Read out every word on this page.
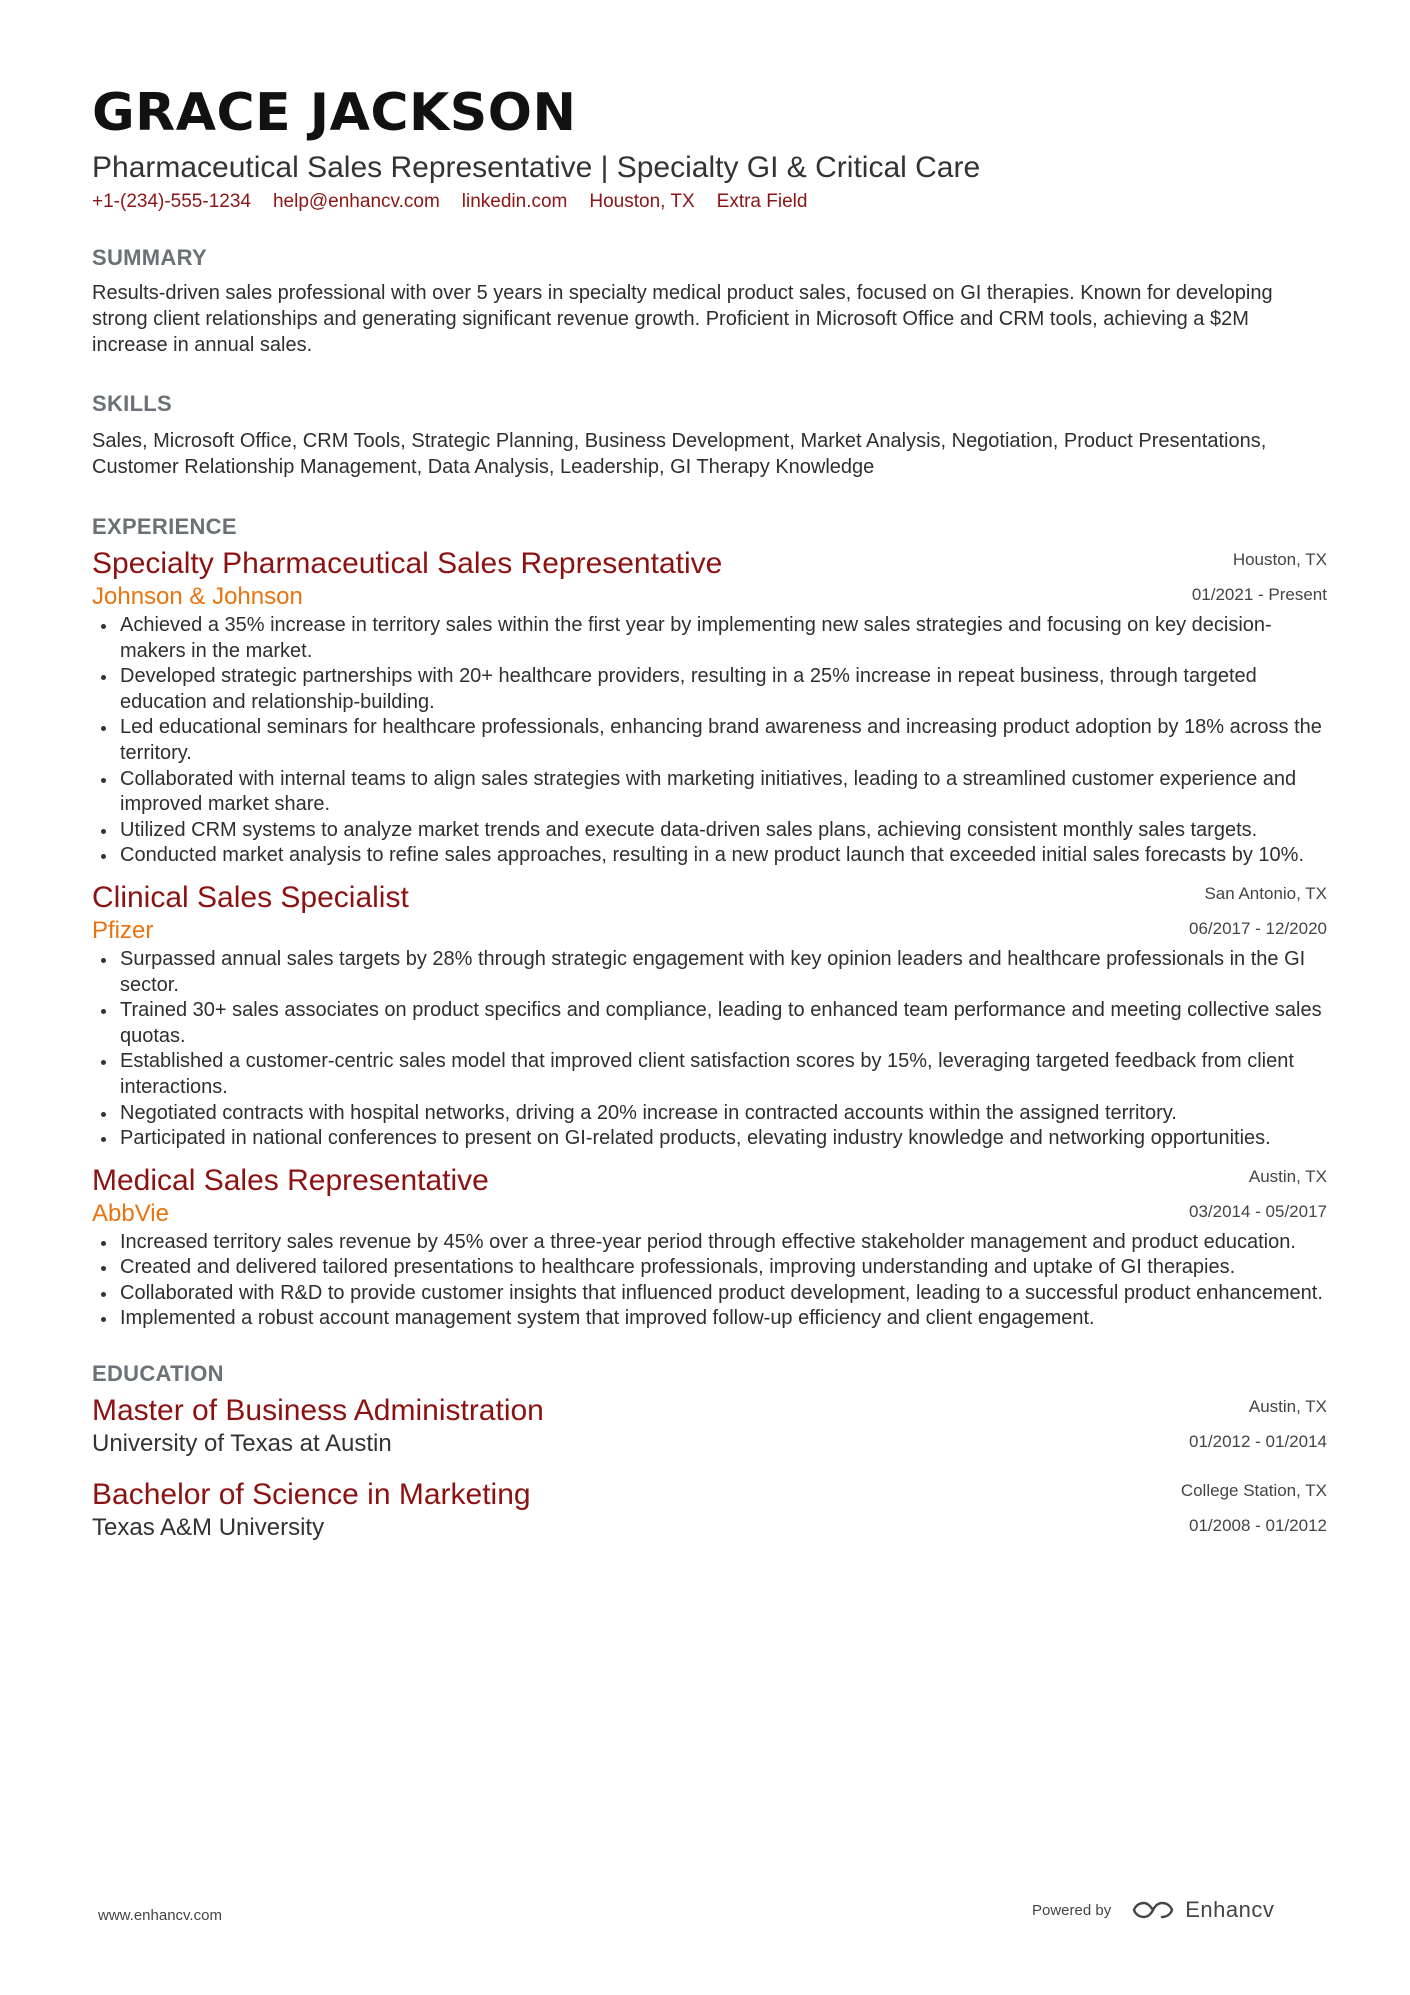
GRACE JACKSON
Pharmaceutical Sales Representative | Specialty GI & Critical Care
+1-(234)-555-1234 help@enhancv.com linkedin.com Houston, TX Extra Field
SUMMARY
Results-driven sales professional with over 5 years in specialty medical product sales, focused on GI therapies. Known for developing strong client relationships and generating significant revenue growth. Proficient in Microsoft Office and CRM tools, achieving a $2M increase in annual sales.
SKILLS
Sales, Microsoft Office, CRM Tools, Strategic Planning, Business Development, Market Analysis, Negotiation, Product Presentations, Customer Relationship Management, Data Analysis, Leadership, GI Therapy Knowledge
EXPERIENCE
Specialty Pharmaceutical Sales Representative
Johnson & Johnson
Houston, TX
01/2021 - Present
Achieved a 35% increase in territory sales within the first year by implementing new sales strategies and focusing on key decision-makers in the market.
Developed strategic partnerships with 20+ healthcare providers, resulting in a 25% increase in repeat business, through targeted education and relationship-building.
Led educational seminars for healthcare professionals, enhancing brand awareness and increasing product adoption by 18% across the territory.
Collaborated with internal teams to align sales strategies with marketing initiatives, leading to a streamlined customer experience and improved market share.
Utilized CRM systems to analyze market trends and execute data-driven sales plans, achieving consistent monthly sales targets.
Conducted market analysis to refine sales approaches, resulting in a new product launch that exceeded initial sales forecasts by 10%.
Clinical Sales Specialist
Pfizer
San Antonio, TX
06/2017 - 12/2020
Surpassed annual sales targets by 28% through strategic engagement with key opinion leaders and healthcare professionals in the GI sector.
Trained 30+ sales associates on product specifics and compliance, leading to enhanced team performance and meeting collective sales quotas.
Established a customer-centric sales model that improved client satisfaction scores by 15%, leveraging targeted feedback from client interactions.
Negotiated contracts with hospital networks, driving a 20% increase in contracted accounts within the assigned territory.
Participated in national conferences to present on GI-related products, elevating industry knowledge and networking opportunities.
Medical Sales Representative
AbbVie
Austin, TX
03/2014 - 05/2017
Increased territory sales revenue by 45% over a three-year period through effective stakeholder management and product education.
Created and delivered tailored presentations to healthcare professionals, improving understanding and uptake of GI therapies.
Collaborated with R&D to provide customer insights that influenced product development, leading to a successful product enhancement.
Implemented a robust account management system that improved follow-up efficiency and client engagement.
EDUCATION
Master of Business Administration
University of Texas at Austin
Austin, TX
01/2012 - 01/2014
Bachelor of Science in Marketing
Texas A&M University
College Station, TX
01/2008 - 01/2012
www.enhancv.com	Powered by	Enhancv
